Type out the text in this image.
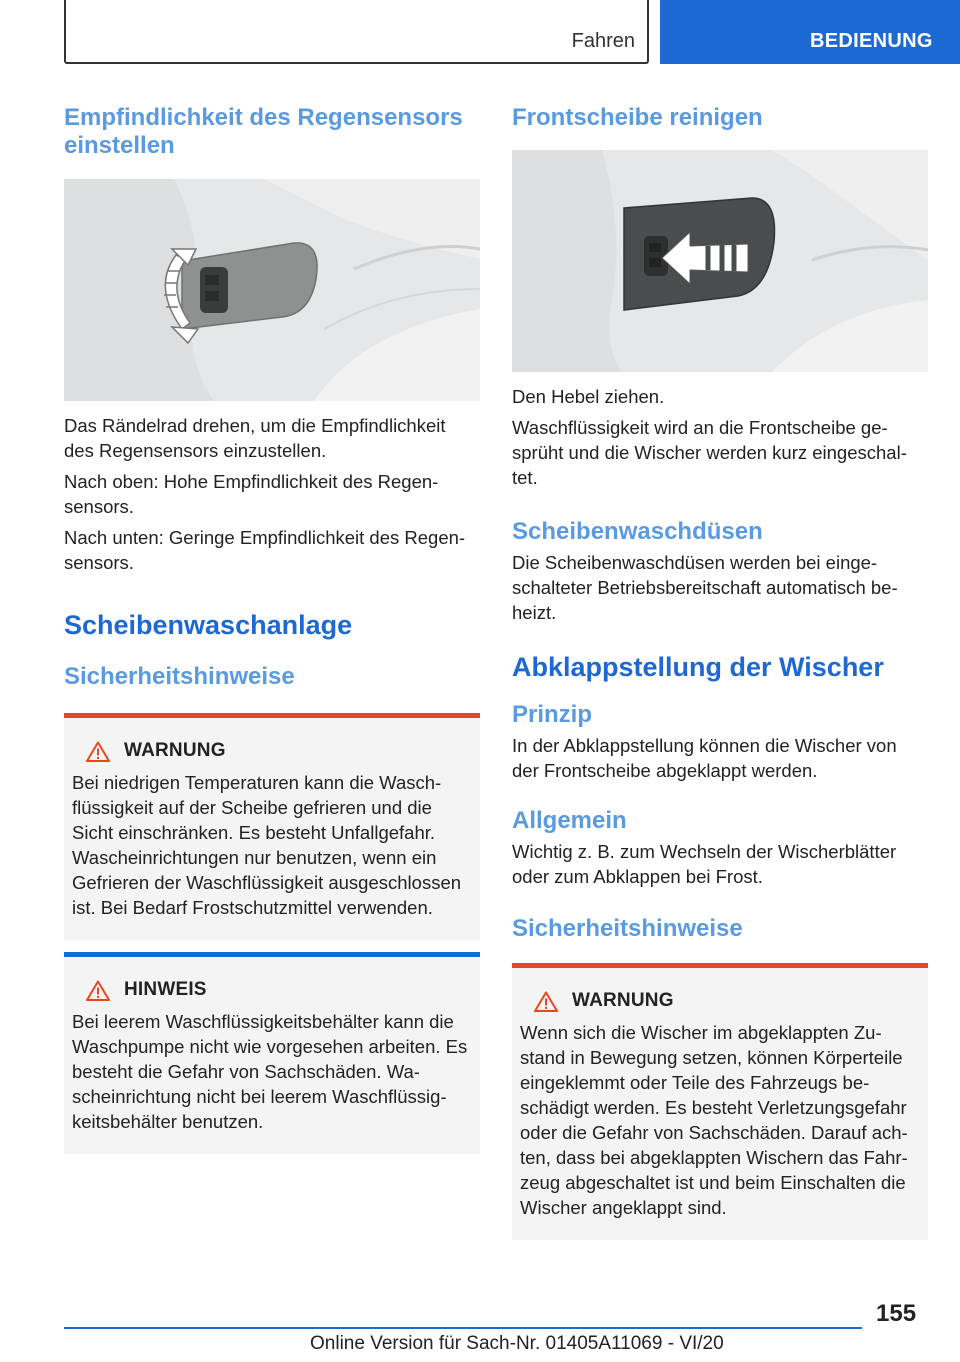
Fahren	BEDIENUNG
Empfindlichkeit des Regensensors einstellen

Das Rändelrad drehen, um die Empfindlichkeit des Regensensors einzustellen.

Nach oben: Hohe Empfindlichkeit des Regen-sensors.

Nach unten: Geringe Empfindlichkeit des Regen-sensors.

Scheibenwaschanlage
Sicherheitshinweise
WARNUNG

Bei niedrigen Temperaturen kann die Wasch-flüssigkeit auf der Scheibe gefrieren und die Sicht einschränken. Es besteht Unfallgefahr. Wascheinrichtungen nur benutzen, wenn ein Gefrieren der Waschflüssigkeit ausgeschlossen ist. Bei Bedarf Frostschutzmittel verwenden.

HINWEIS

Bei leerem Waschflüssigkeitsbehälter kann die Waschpumpe nicht wie vorgesehen arbeiten. Es besteht die Gefahr von Sachschäden. Wa-scheinrichtung nicht bei leerem Waschflüssig-keitsbehälter benutzen.

Frontscheibe reinigen

Den Hebel ziehen.

Waschflüssigkeit wird an die Frontscheibe ge-sprüht und die Wischer werden kurz eingeschal-tet.

Scheibenwaschdüsen

Die Scheibenwaschdüsen werden bei einge-schalteter Betriebsbereitschaft automatisch be-heizt.

Abklappstellung der Wischer
Prinzip

In der Abklappstellung können die Wischer von der Frontscheibe abgeklappt werden.

Allgemein

Wichtig z. B. zum Wechseln der Wischerblätter oder zum Abklappen bei Frost.

Sicherheitshinweise
WARNUNG

Wenn sich die Wischer im abgeklappten Zu-stand in Bewegung setzen, können Körperteile eingeklemmt oder Teile des Fahrzeugs be-schädigt werden. Es besteht Verletzungsgefahr oder die Gefahr von Sachschäden. Darauf ach-ten, dass bei abgeklappten Wischern das Fahr-zeug abgeschaltet ist und beim Einschalten die Wischer angeklappt sind.

155
Online Version für Sach-Nr. 01405A11069 - VI/20
